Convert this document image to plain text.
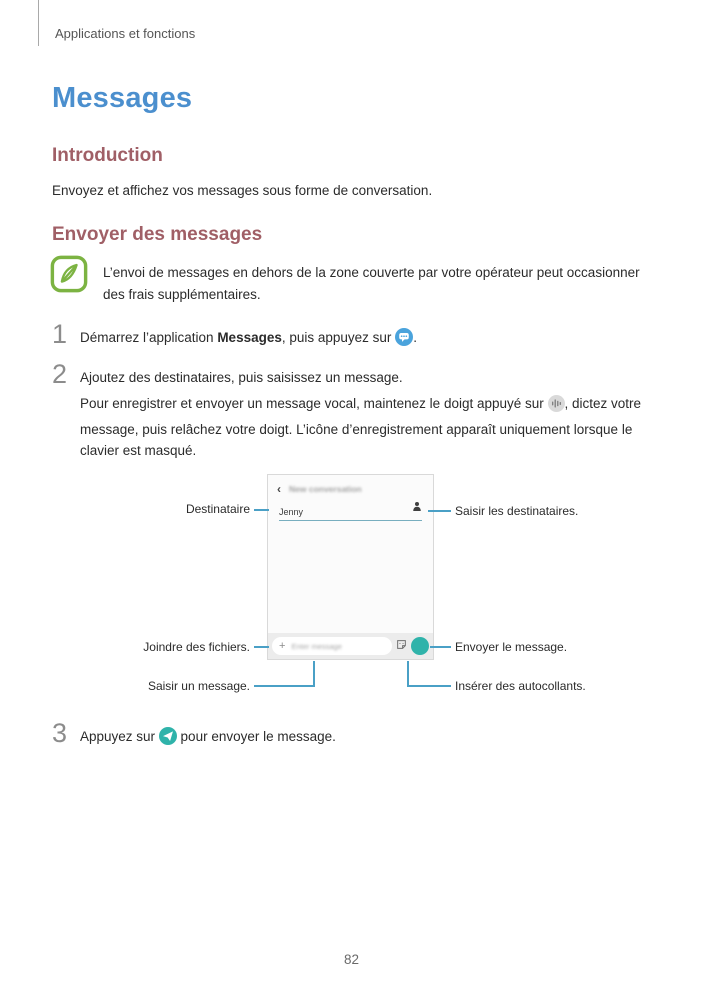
Applications et fonctions
Messages
Introduction

Envoyez et affichez vos messages sous forme de conversation.

Envoyer des messages

L’envoi de messages en dehors de la zone couverte par votre opérateur peut occasionner des frais supplémentaires.

1 Démarrez l’application Messages, puis appuyez sur .

2 Ajoutez des destinataires, puis saisissez un message.

Pour enregistrer et envoyer un message vocal, maintenez le doigt appuyé sur , dictez votre message, puis relâchez votre doigt. L’icône d’enregistrement apparaît uniquement lorsque le clavier est masqué.

‹ New conversation
Jenny
+ Enter message
Destinataire	Saisir les destinataires.
Joindre des fichiers.	Envoyer le message.
Saisir un message.	Insérer des autocollants.
3 Appuyez sur  pour envoyer le message.

82
